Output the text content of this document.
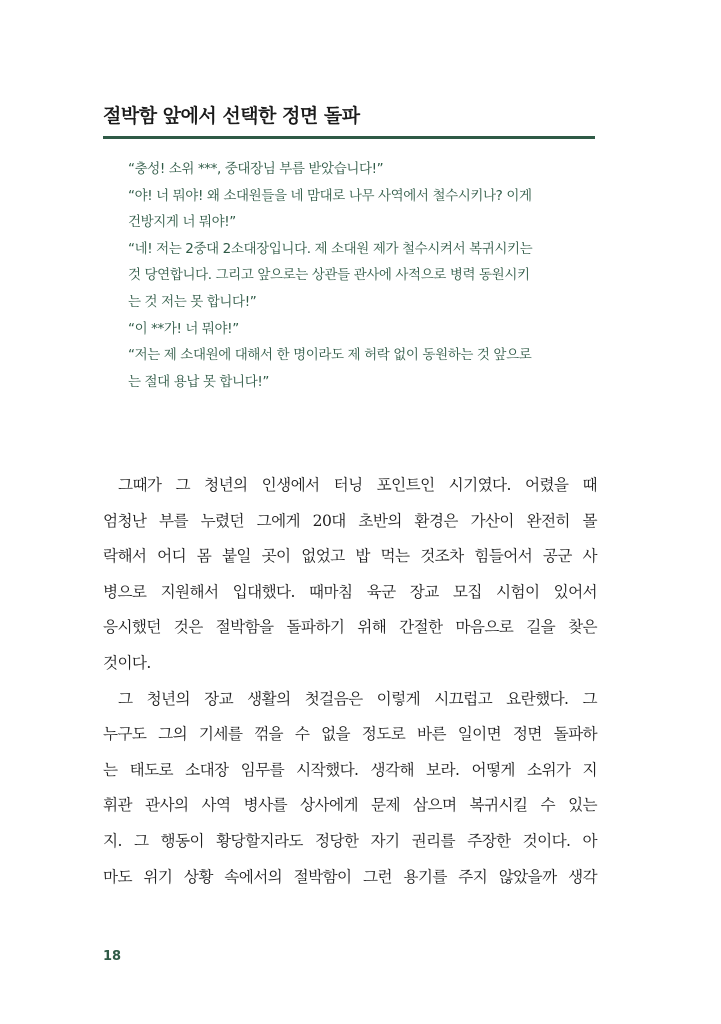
절박함 앞에서 선택한 정면 돌파
“충성! 소위 ***, 중대장님 부름 받았습니다!”
“야! 너 뭐야! 왜 소대원들을 네 맘대로 나무 사역에서 철수시키나? 이게
건방지게 너 뭐야!”
“네! 저는 2중대 2소대장입니다. 제 소대원 제가 철수시켜서 복귀시키는
것 당연합니다. 그리고 앞으로는 상관들 관사에 사적으로 병력 동원시키
는 것 저는 못 합니다!”
“이 **가! 너 뭐야!”
“저는 제 소대원에 대해서 한 명이라도 제 허락 없이 동원하는 것 앞으로
는 절대 용납 못 합니다!”
그때가 그 청년의 인생에서 터닝 포인트인 시기였다. 어렸을 때
엄청난 부를 누렸던 그에게 20대 초반의 환경은 가산이 완전히 몰
락해서 어디 몸 붙일 곳이 없었고 밥 먹는 것조차 힘들어서 공군 사
병으로 지원해서 입대했다. 때마침 육군 장교 모집 시험이 있어서
응시했던 것은 절박함을 돌파하기 위해 간절한 마음으로 길을 찾은
것이다.
그 청년의 장교 생활의 첫걸음은 이렇게 시끄럽고 요란했다. 그
누구도 그의 기세를 꺾을 수 없을 정도로 바른 일이면 정면 돌파하
는 태도로 소대장 임무를 시작했다. 생각해 보라. 어떻게 소위가 지
휘관 관사의 사역 병사를 상사에게 문제 삼으며 복귀시킬 수 있는
지. 그 행동이 황당할지라도 정당한 자기 권리를 주장한 것이다. 아
마도 위기 상황 속에서의 절박함이 그런 용기를 주지 않았을까 생각
18
